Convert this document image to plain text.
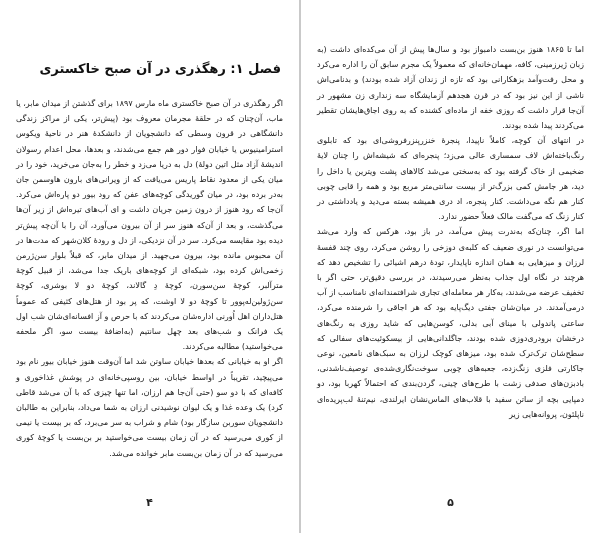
فصل ۱: رهگذری در آن صبح خاکستری

اگر رهگذری در آن صبح خاکستری ماه مارس ۱۸۹۷ برای گذشتن از میدان مابر، یا ماب، آن‌چنان که در حلقهٔ مجرمان معروف بود (پیش‌تر، یکی از مراکز زندگی دانشگاهی در قرون وسطی که دانشجویان از دانشکدهٔ هنر در ناحیهٔ ویکوس استرامینیوس یا خیابان فوار دور هم جمع می‌شدند، و بعدها، محل اعدام رسولان اندیشهٔ آزاد مثل اتین دولهٔ) دل به دریا می‌زد و خطر را به‌جان می‌خرید، خود را در میان یکی از معدود نقاط پاریس می‌یافت که از ویرانی‌های بارون هاوسمن جان به‌در برده بود، در میان گوریدگی کوچه‌های عفن که رود بیور دو پاره‌اش می‌کرد. آن‌جا که رود هنوز از درون زمین جریان داشت و ای آب‌های تیره‌اش از زیر آن‌ها می‌گذشت، و بعد از آن‌که هنوز سر از آن بیرون می‌آورد، آن را با آن‌چه پیش‌تر دیده بود مقایسه می‌کرد. سر در آن نزدیکی، از دل و رودهٔ کلان‌شهر که مدت‌ها در آن محبوس مانده بود، بیرون می‌جهید. از میدان مابر، که قبلاً بلوار سن‌ژرمن زخمی‌اش کرده بود، شبکه‌ای از کوچه‌های باریک جدا می‌شد، از قبیل کوچهٔ مترآلبر، کوچهٔ سن‌سورن، کوچهٔ دِ گالاند، کوچهٔ دو لا بوشری، کوچهٔ سن‌ژولین‌له‌پوور تا کوچهٔ دو لا اوشت، که پر بود از هتل‌های کثیفی که عموماً هتل‌داران اهل اُورنی اداره‌شان می‌کردند که با حرص و آز افسانه‌ای‌شان شب اول یک فرانک و شب‌های بعد چهل سانتیم (به‌اضافهٔ بیست سو، اگر ملحفه می‌خواستید) مطالبه می‌کردند.

اگر او به خیابانی که بعدها خیابان ساوتن شد اما آن‌وقت هنوز خیابان بیور نام بود می‌پیچید، تقریباً در اواسط خیابان، بین روسپی‌خانه‌ای در پوشش غذاخوری و کافه‌ای که با دو سو (حتی آن‌جا هم ارزان، اما تنها چیزی که با آن می‌شد قاطی کرد) یک وعده غذا و یک لیوان نوشیدنی ارزان به شما می‌داد، بنابراین به طالبان دانشجویان سوربن سازگار بود) شام و شراب به سر می‌برد، که بر بیست یا نیمی از کوری می‌رسید که در آن زمان بیست می‌خواستید بر بن‌بست یا کوچهٔ کوری می‌رسید که در آن زمان بن‌بست مابر خوانده می‌شد.

۴

اما تا ۱۸۶۵ هنوز بن‌بست دامبواز بود و سال‌ها پیش از آن می‌کده‌ای داشت (به زبان ژیرزمینی، کافه، مهمان‌خانه‌ای که معمولاً یک مجرم سابق آن را اداره می‌کرد و محل رفت‌وآمد بزهکارانی بود که تازه از زندان آزاد شده بودند) و بدنامی‌اش ناشی از این نیز بود که در قرن هجدهم آزمایشگاه سه زنداری زن مشهور در آن‌جا قرار داشت که روزی خفه از ماده‌ای کشنده که به روی اجاق‌هایشان تقطیر می‌کردند پیدا شده بودند.

در انتهای آن کوچه، کاملاً ناپیدا، پنجرهٔ خنزرپنزرفروشی‌ای بود که تابلوی رنگ‌باخته‌اش لاف سمساری عالی می‌زد؛ پنجره‌ای که شیشه‌اش را چنان لایهٔ ضخیمی از خاک گرفته بود که به‌سختی می‌شد کالاهای پشت ویترین یا داخل را دید، هر جامش کمی بزرگ‌تر از بیست سانتی‌متر مربع بود و همه را قابی چوبی کنار هم نگه می‌داشت. کنار پنجره، اد دری همیشه بسته می‌دید و یادداشتی در کنار زنگ که می‌گفت مالک فعلاً حضور ندارد.

اما اگر، چنان‌که به‌ندرت پیش می‌آمد، در باز بود، هرکس که وارد می‌شد می‌توانست در نوری ضعیف که کلبه‌ی دوزخی را روشن می‌کرد، روی چند قفسهٔ لرزان و میزهایی به همان اندازه ناپایدار، تودهٔ درهم اشیائی را تشخیص دهد که هرچند در نگاه اول جذاب به‌نظر می‌رسیدند، در بررسی دقیق‌تر، حتی اگر با تخفیف عرضه می‌شدند، به‌کار هر معامله‌ای تجاری شرافتمندانه‌ای نامناسب از آب درمی‌آمدند. در میان‌شان جفتی دیگ‌پایه بود که هر اجاقی را شرمنده می‌کرد، ساعتی پاندولی با مینای آبی بدلی، کوسن‌هایی که شاید روزی به رنگ‌های درخشان برودری‌دوزی شده بودند، جاگلدانی‌هایی از بیسکوئیت‌های سفالی که سطح‌شان ترک‌ترک شده بود، میزهای کوچک لرزان به سبک‌های نامعین، نوعی جاکارتی فلزی زنگ‌زده، جعبه‌های چوبی سوخت‌نگاری‌شده‌ی توصیف‌ناشدنی، بادبزن‌های صدفی زشت با طرح‌های چینی، گردن‌بندی که احتمالاً کهربا بود، دو دمپایی بچه از ساتن سفید با قلاب‌های الماس‌نشان ایرلندی، نیم‌تنه‌ٔ لب‌پریده‌ای ناپلئون، پروانه‌هایی زیر

۵
